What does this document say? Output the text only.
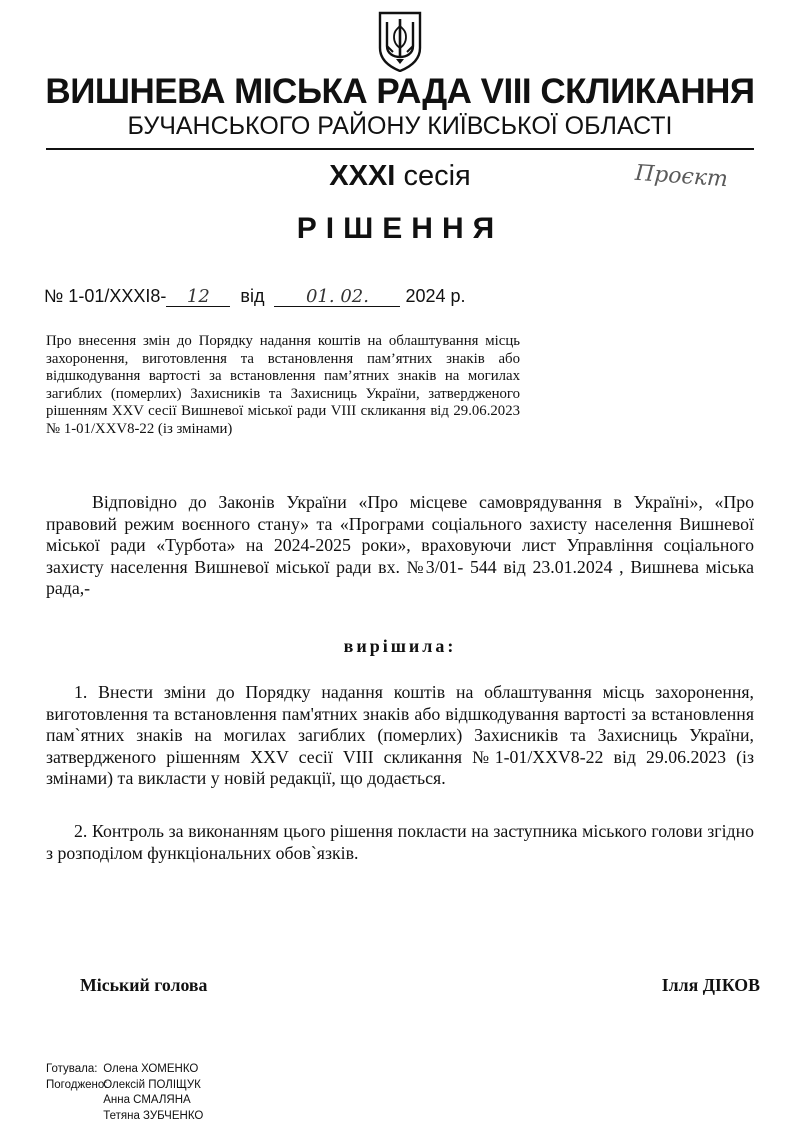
ВИШНЕВА МІСЬКА РАДА VIII СКЛИКАННЯ

БУЧАНСЬКОГО РАЙОНУ КИЇВСЬКОЇ ОБЛАСТІ

XXXI сесія	Проєкт
РІШЕННЯ
№ 1-01/XXXI8- 12 від 01. 02. 2024 р.

Про внесення змін до Порядку надання коштів на облаштування місць захоронення, виготовлення та встановлення пам’ятних знаків або відшкодування вартості за встановлення пам’ятних знаків на могилах загиблих (померлих) Захисників та Захисниць України, затвердженого рішенням XXV сесії Вишневої міської ради VIII скликання від 29.06.2023 № 1-01/XXV8-22 (із змінами)

Відповідно до Законів України «Про місцеве самоврядування в Україні», «Про правовий режим воєнного стану» та «Програми соціального захисту населення Вишневої міської ради «Турбота» на 2024-2025 роки», враховуючи лист Управління соціального захисту населення Вишневої міської ради вх. №3/01- 544 від 23.01.2024 , Вишнева міська рада,-

вирішила:

1. Внести зміни до Порядку надання коштів на облаштування місць захоронення, виготовлення та встановлення пам'ятних знаків або відшкодування вартості за встановлення пам`ятних знаків на могилах загиблих (померлих) Захисників та Захисниць України, затвердженого рішенням XXV сесії VIII скликання №1-01/XXV8-22 від 29.06.2023 (із змінами) та викласти у новій редакції, що додається.

2. Контроль за виконанням цього рішення покласти на заступника міського голови згідно з розподілом функціональних обов`язків.

Міський голова	Ілля ДІКОВ
Готувала: Олена ХОМЕНКО
Погоджено: Олексій ПОЛІЩУК
Анна СМАЛЯНА
Тетяна ЗУБЧЕНКО
